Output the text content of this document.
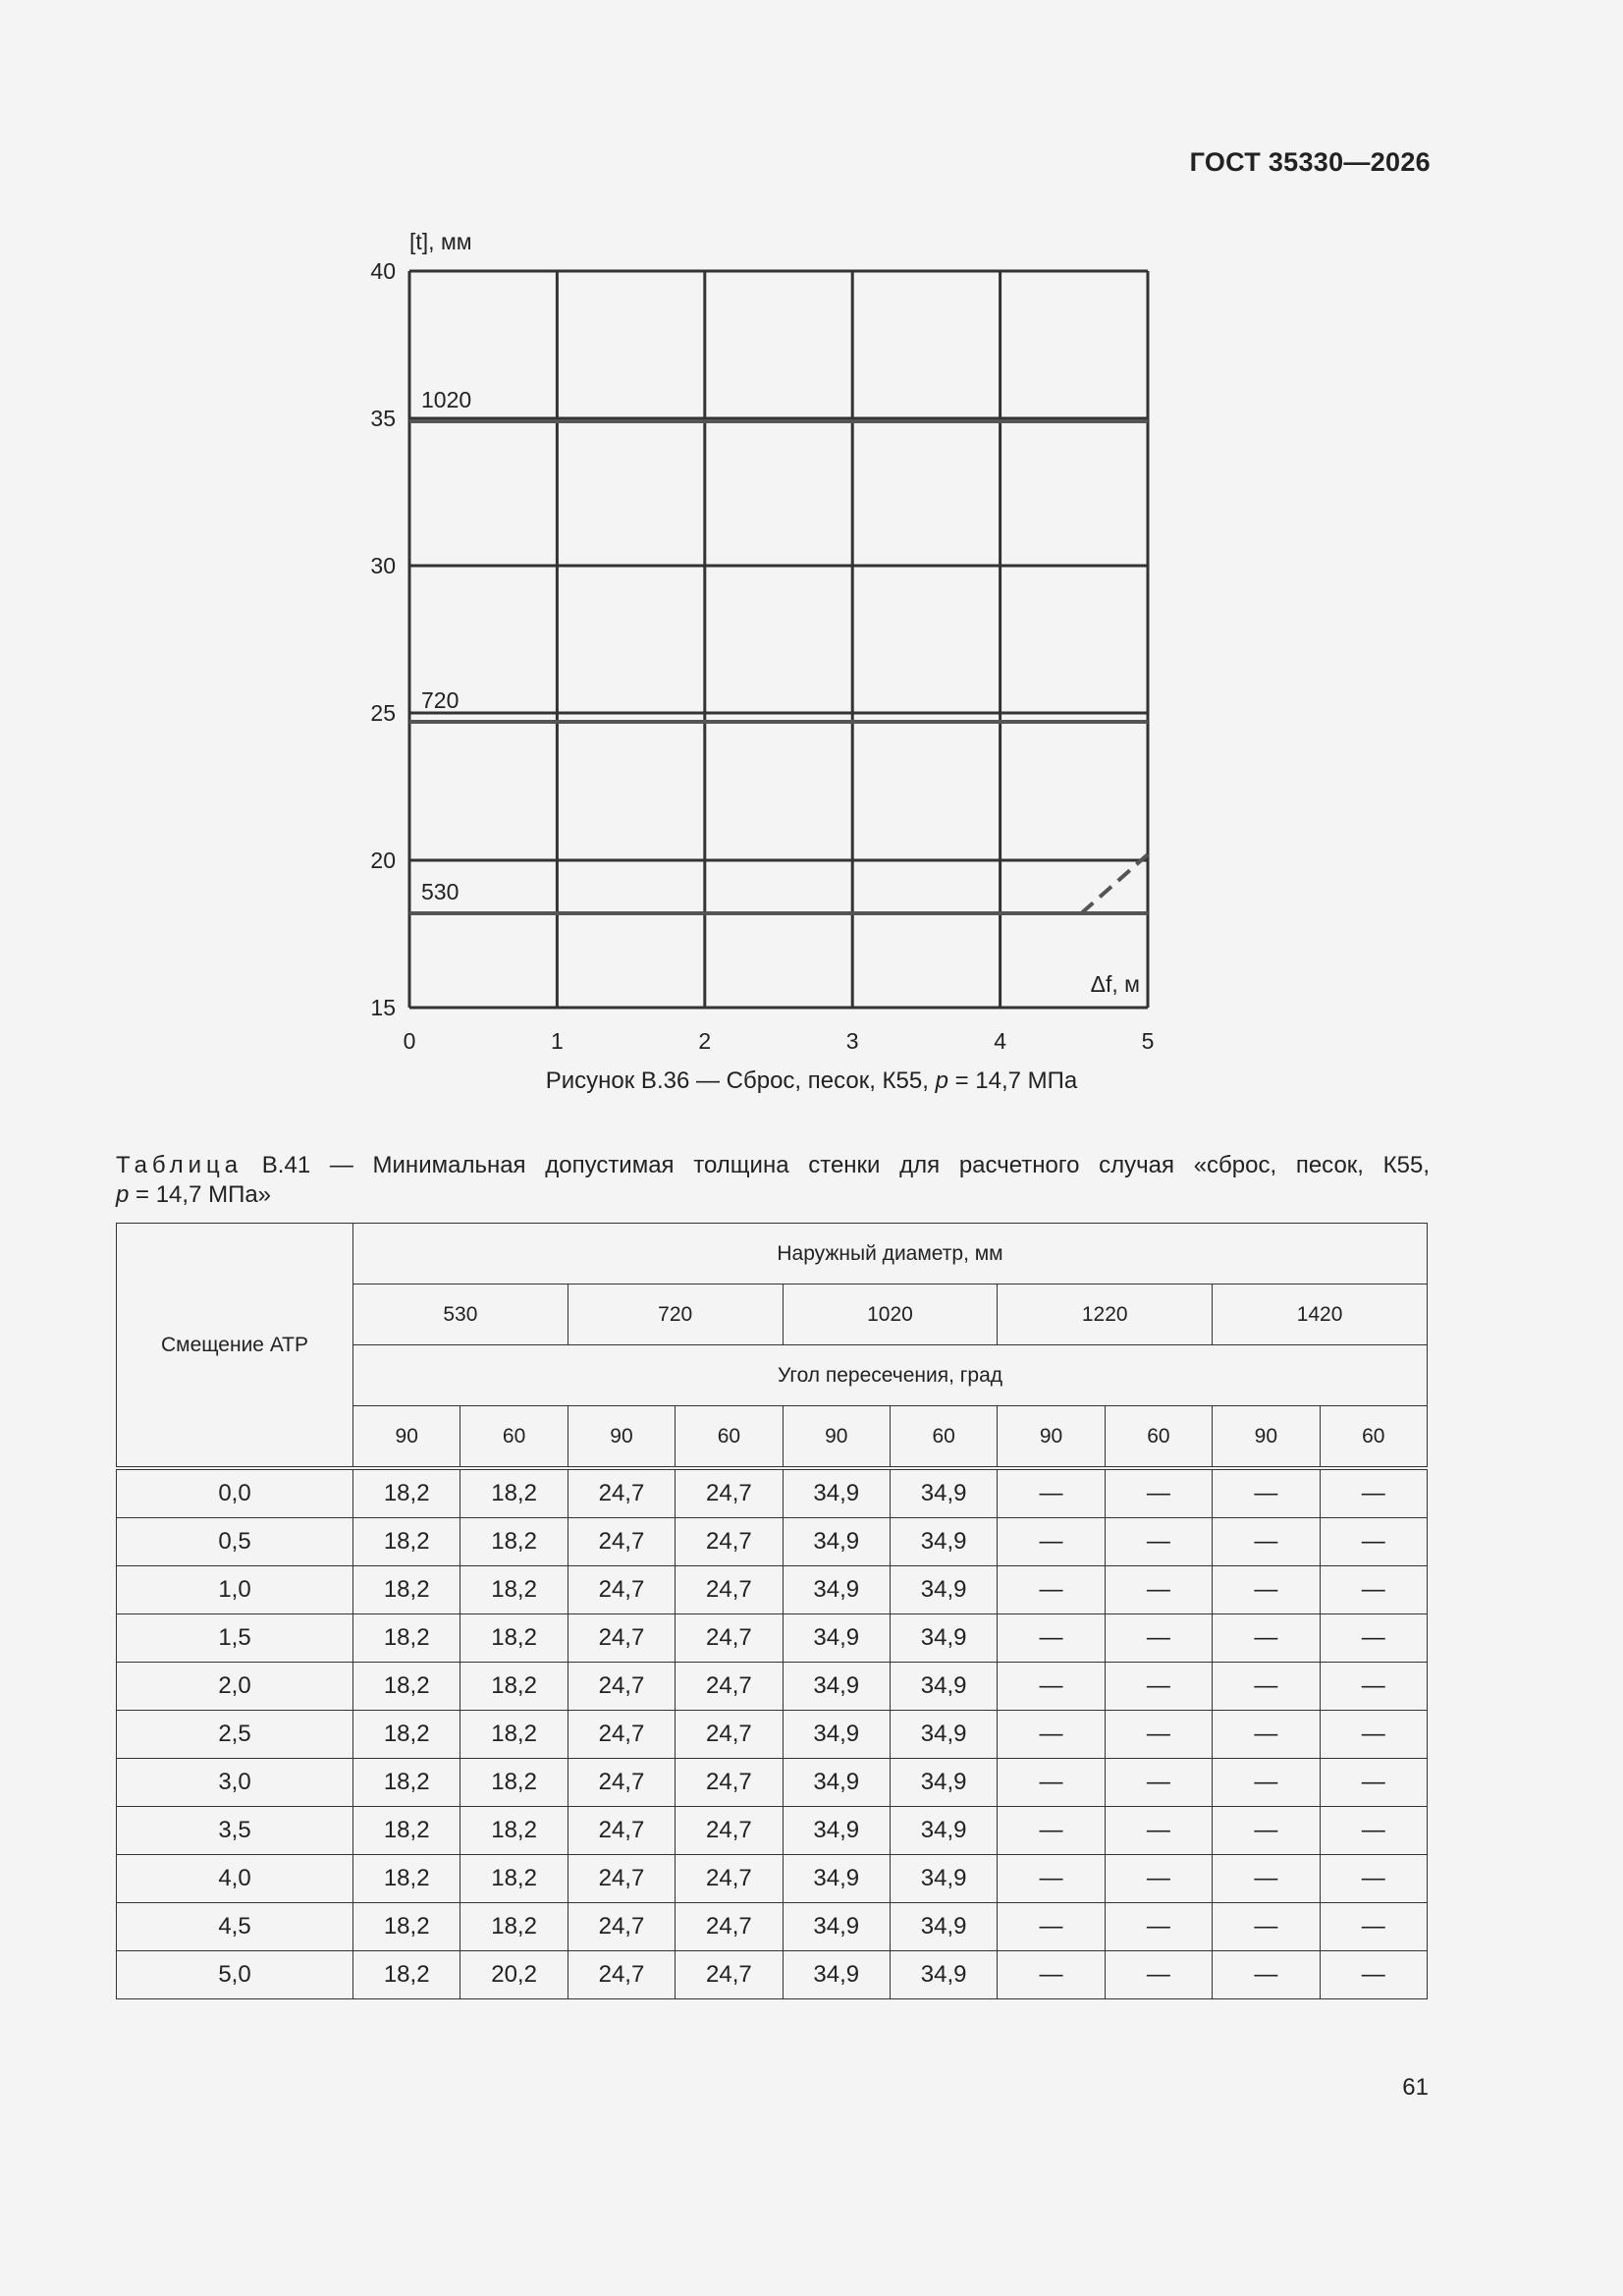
ГОСТ 35330—2026
0	1	2	3	4	5
40
35
30
25
20
15
1020
720
530
[t], мм
Δf, м
Рисунок В.36 — Сброс, песок, К55, p = 14,7 МПа
Таблица В.41 — Минимальная допустимая толщина стенки для расчетного случая «сброс, песок, К55,
p = 14,7 МПа»
Смещение АТР	Наружный диаметр, мм									
	530		720		1020		1220		1420	
	Угол пересечения, град									
	90	60	90	60	90	60	90	60	90	60
0,0	18,2	18,2	24,7	24,7	34,9	34,9	—	—	—	—
0,5	18,2	18,2	24,7	24,7	34,9	34,9	—	—	—	—
1,0	18,2	18,2	24,7	24,7	34,9	34,9	—	—	—	—
1,5	18,2	18,2	24,7	24,7	34,9	34,9	—	—	—	—
2,0	18,2	18,2	24,7	24,7	34,9	34,9	—	—	—	—
2,5	18,2	18,2	24,7	24,7	34,9	34,9	—	—	—	—
3,0	18,2	18,2	24,7	24,7	34,9	34,9	—	—	—	—
3,5	18,2	18,2	24,7	24,7	34,9	34,9	—	—	—	—
4,0	18,2	18,2	24,7	24,7	34,9	34,9	—	—	—	—
4,5	18,2	18,2	24,7	24,7	34,9	34,9	—	—	—	—
5,0	18,2	20,2	24,7	24,7	34,9	34,9	—	—	—	—
61
